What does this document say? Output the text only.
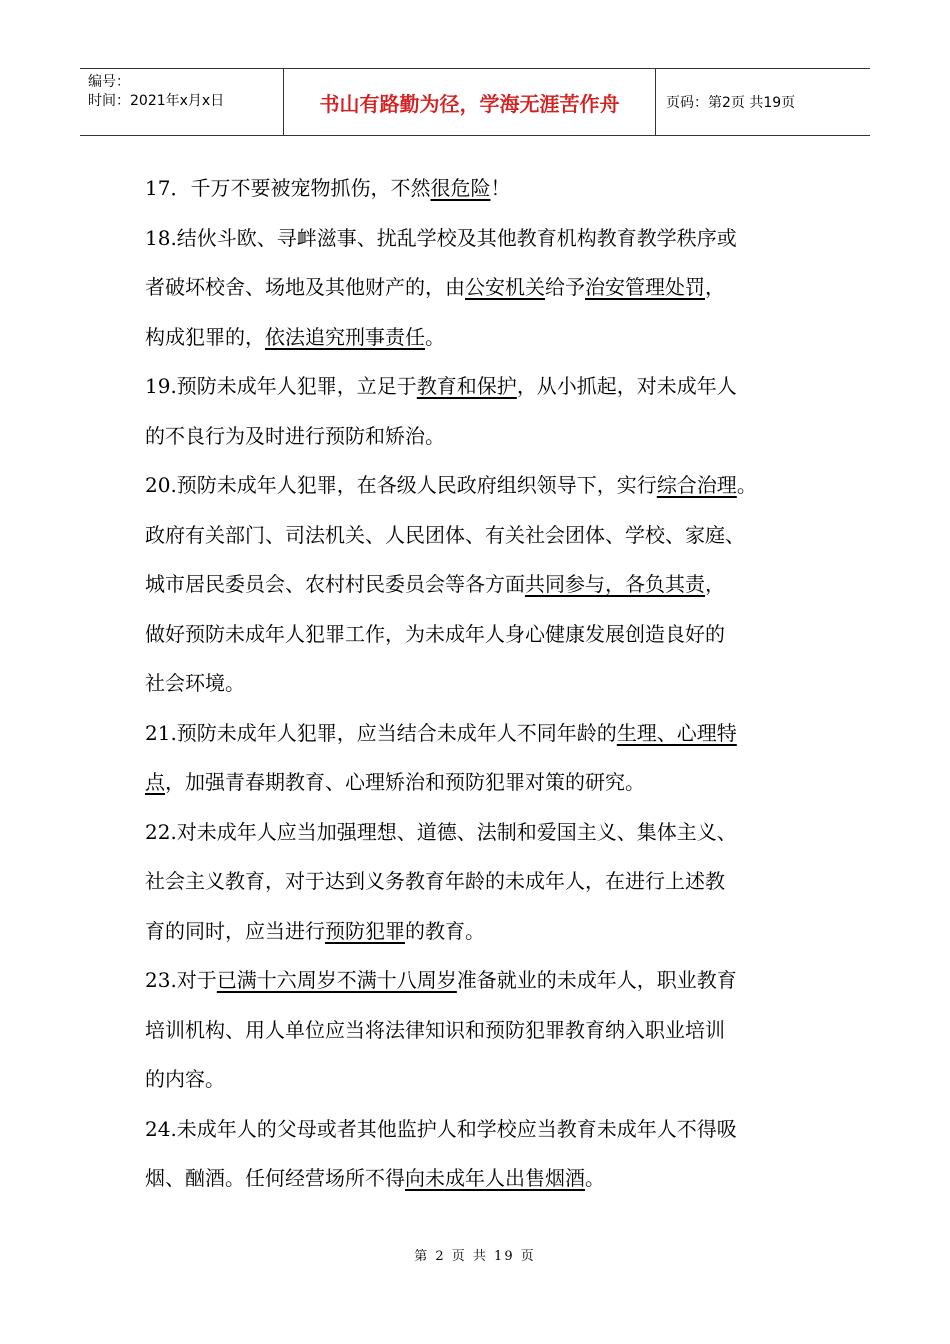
编号：
时间：2021年x月x日	书山有路勤为径，学海无涯苦作舟	页码：第2页 共19页
17．千万不要被宠物抓伤，不然很危险！
18.结伙斗欧、寻衅滋事、扰乱学校及其他教育机构教育教学秩序或
者破坏校舍、场地及其他财产的，由公安机关给予治安管理处罚，
构成犯罪的，依法追究刑事责任。
19.预防未成年人犯罪，立足于教育和保护，从小抓起，对未成年人
的不良行为及时进行预防和矫治。
20.预防未成年人犯罪，在各级人民政府组织领导下，实行综合治理。
政府有关部门、司法机关、人民团体、有关社会团体、学校、家庭、
城市居民委员会、农村村民委员会等各方面共同参与，各负其责，
做好预防未成年人犯罪工作，为未成年人身心健康发展创造良好的
社会环境。
21.预防未成年人犯罪，应当结合未成年人不同年龄的生理、心理特
点，加强青春期教育、心理矫治和预防犯罪对策的研究。
22.对未成年人应当加强理想、道德、法制和爱国主义、集体主义、
社会主义教育，对于达到义务教育年龄的未成年人，在进行上述教
育的同时，应当进行预防犯罪的教育。
23.对于已满十六周岁不满十八周岁准备就业的未成年人，职业教育
培训机构、用人单位应当将法律知识和预防犯罪教育纳入职业培训
的内容。
24.未成年人的父母或者其他监护人和学校应当教育未成年人不得吸
烟、酗酒。任何经营场所不得向未成年人出售烟酒。
第 2 页 共 19 页
